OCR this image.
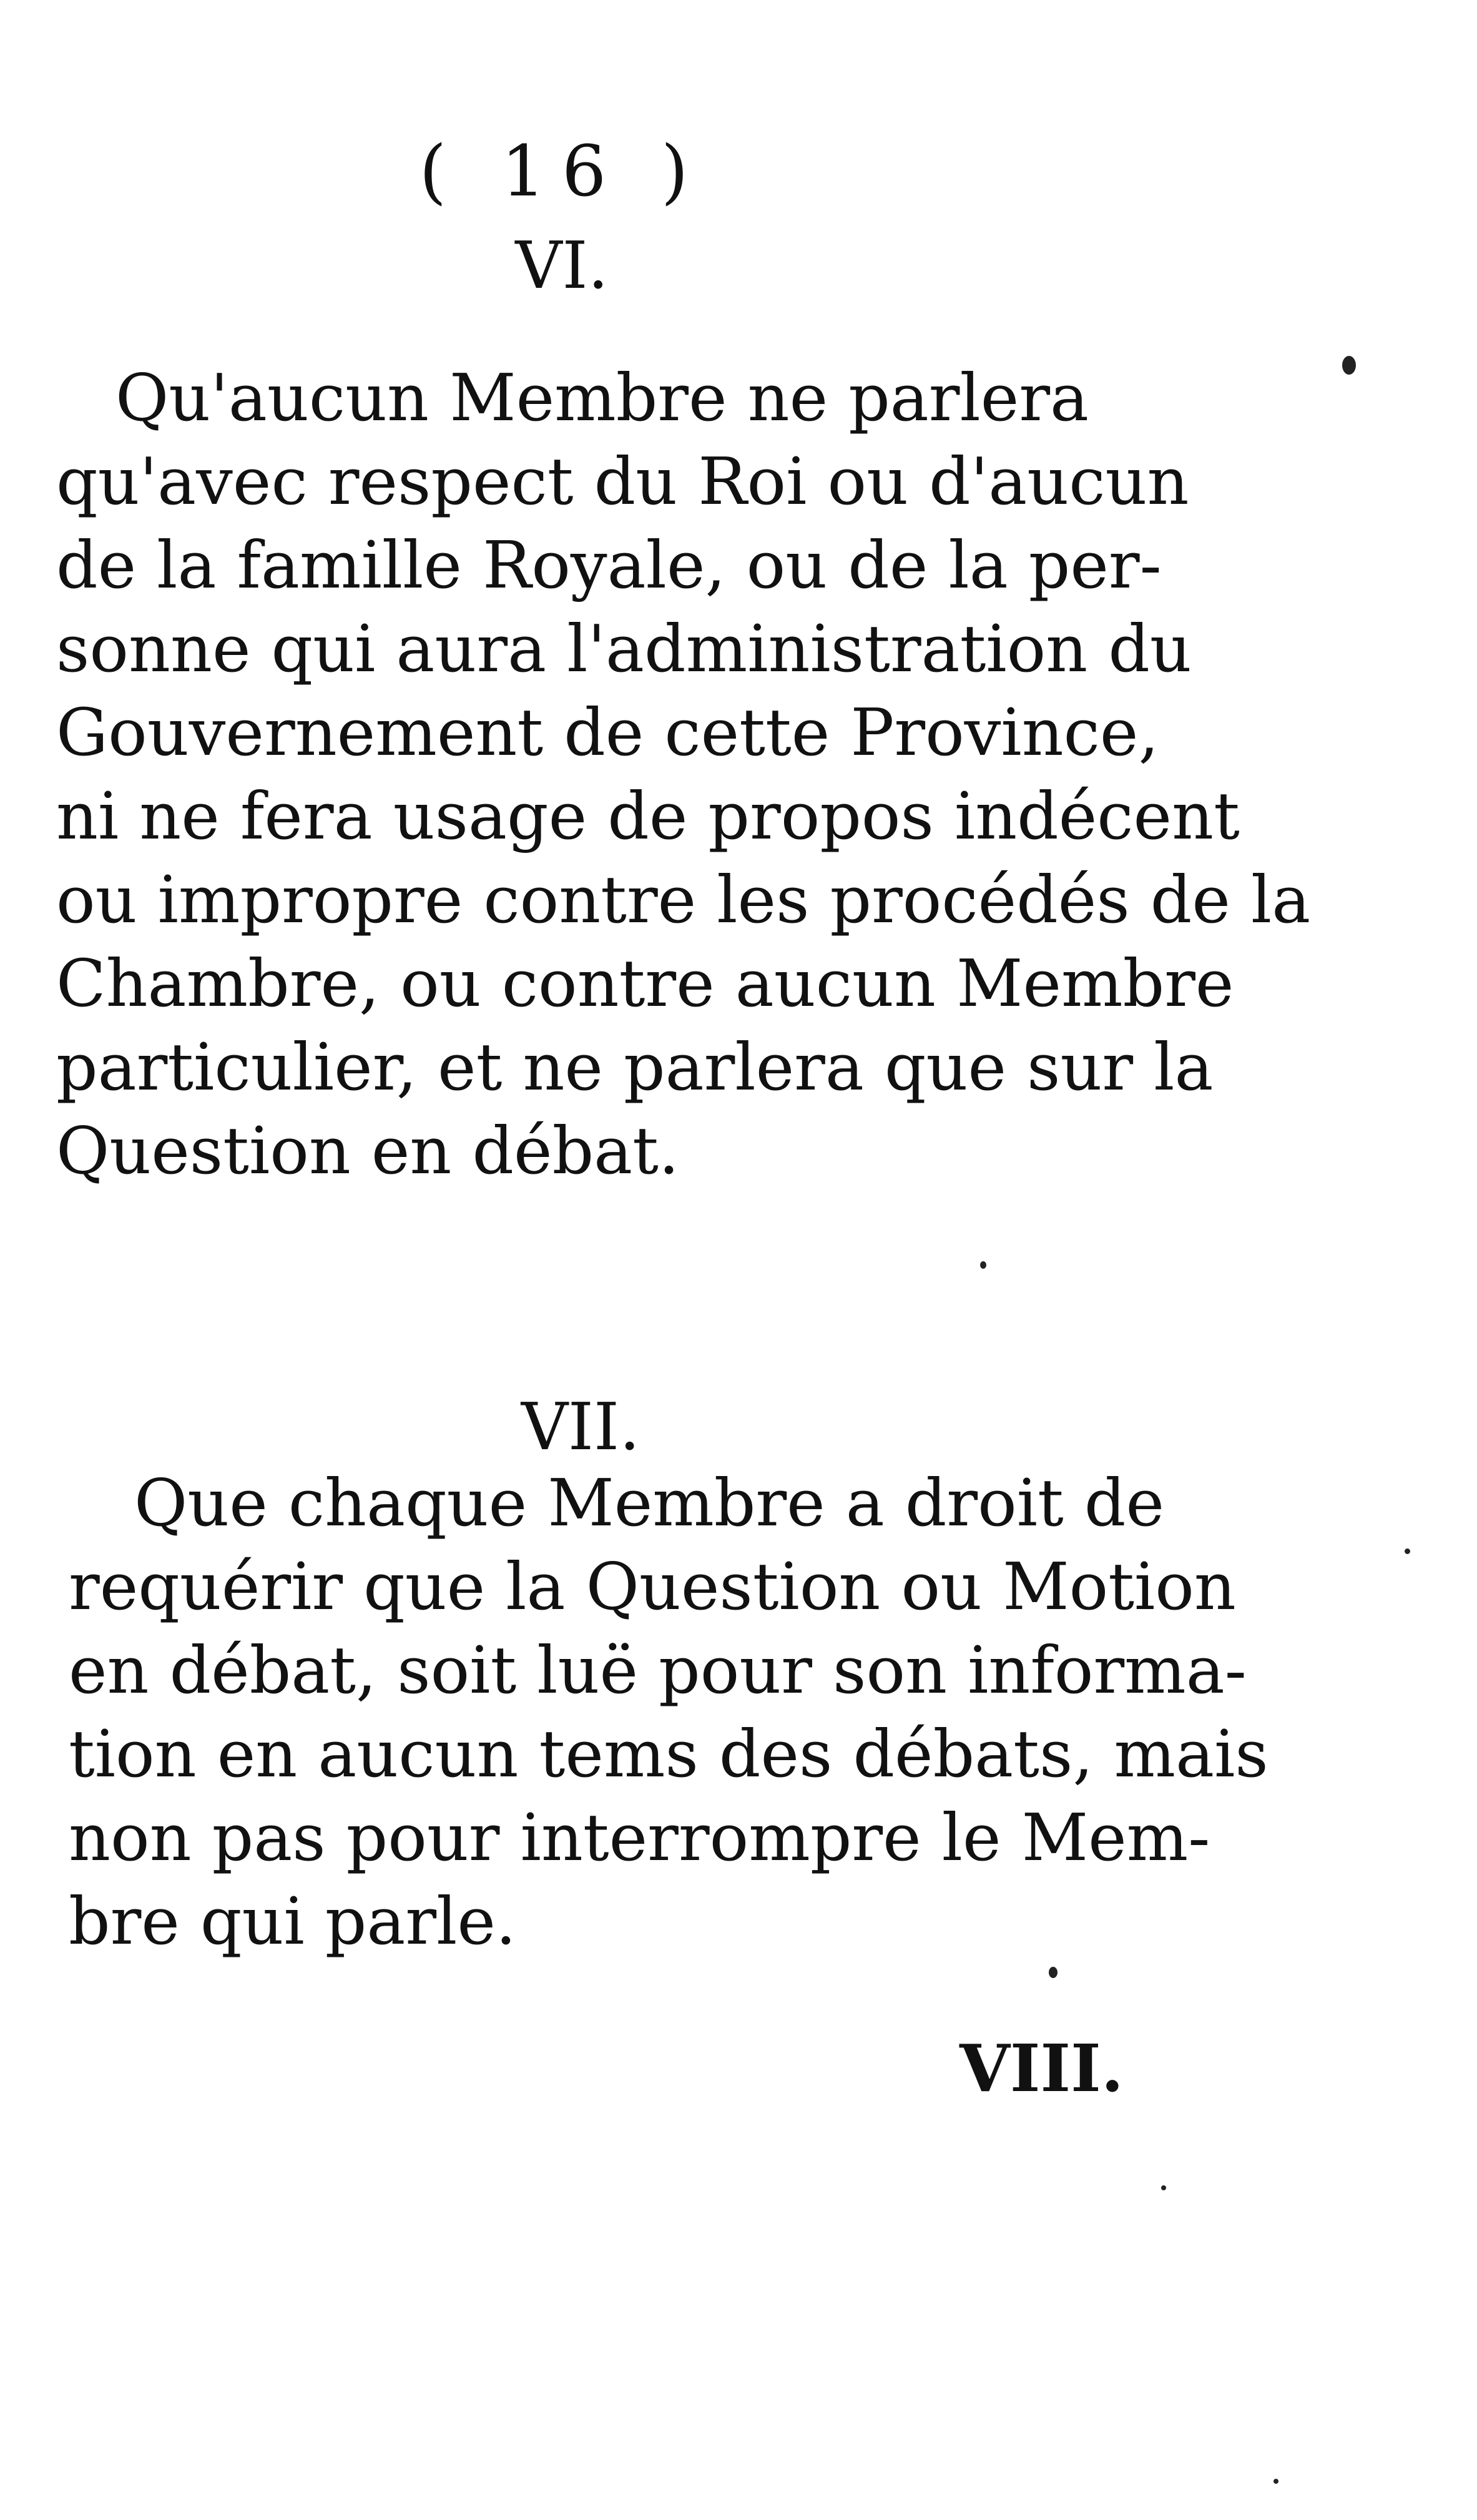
( 16 )
VI.
Qu'aucun Membre ne parlera
qu'avec respect du Roi ou d'aucun
de la famille Royale, ou de la per-
sonne qui aura l'administration du
Gouvernement de cette Province,
ni ne fera usage de propos indécent
ou impropre contre les procédés de la
Chambre, ou contre aucun Membre
particulier, et ne parlera que sur la
Question en débat.
VII.
Que chaque Membre a droit de
requérir que la Question ou Motion
en débat, soit luë pour son informa-
tion en aucun tems des débats, mais
non pas pour interrompre le Mem-
bre qui parle.
VIII.
